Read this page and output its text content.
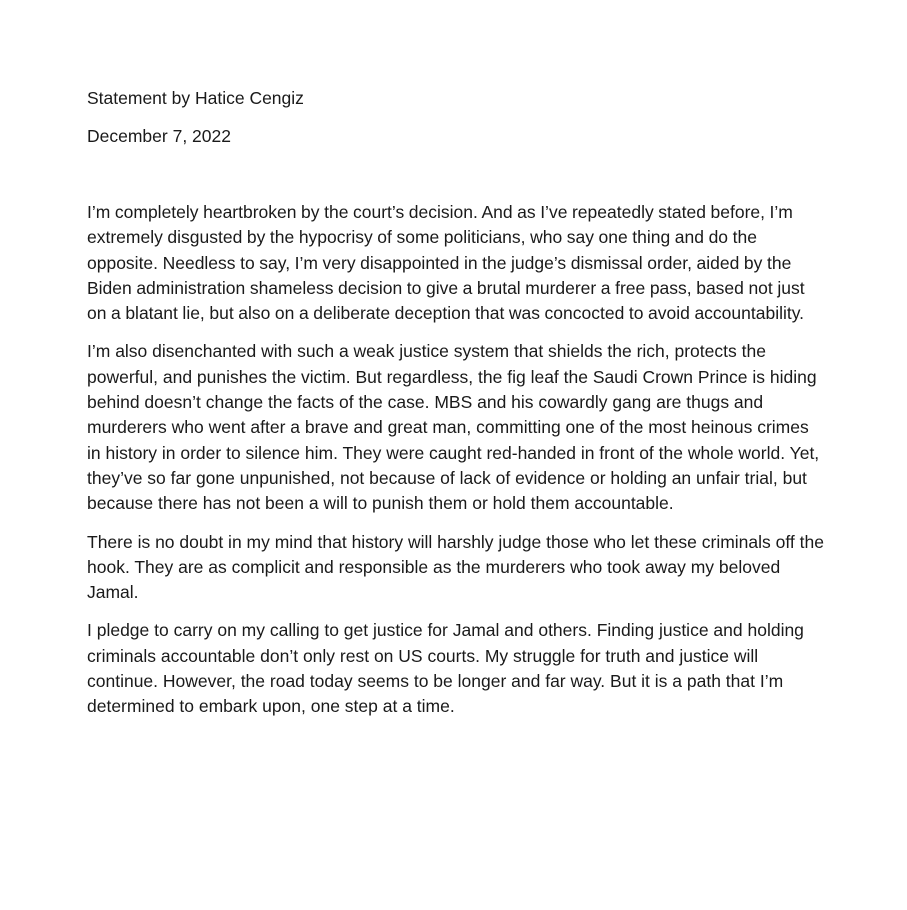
Statement by Hatice Cengiz

December 7, 2022

I’m completely heartbroken by the court’s decision. And as I’ve repeatedly stated before, I’m extremely disgusted by the hypocrisy of some politicians, who say one thing and do the opposite. Needless to say, I’m very disappointed in the judge’s dismissal order, aided by the Biden administration shameless decision to give a brutal murderer a free pass, based not just on a blatant lie, but also on a deliberate deception that was concocted to avoid accountability.

I’m also disenchanted with such a weak justice system that shields the rich, protects the powerful, and punishes the victim. But regardless, the fig leaf the Saudi Crown Prince is hiding behind doesn’t change the facts of the case. MBS and his cowardly gang are thugs and murderers who went after a brave and great man, committing one of the most heinous crimes in history in order to silence him. They were caught red-handed in front of the whole world. Yet, they’ve so far gone unpunished, not because of lack of evidence or holding an unfair trial, but because there has not been a will to punish them or hold them accountable.

There is no doubt in my mind that history will harshly judge those who let these criminals off the hook. They are as complicit and responsible as the murderers who took away my beloved Jamal.

I pledge to carry on my calling to get justice for Jamal and others. Finding justice and holding criminals accountable don’t only rest on US courts. My struggle for truth and justice will continue. However, the road today seems to be longer and far way. But it is a path that I’m determined to embark upon, one step at a time.
